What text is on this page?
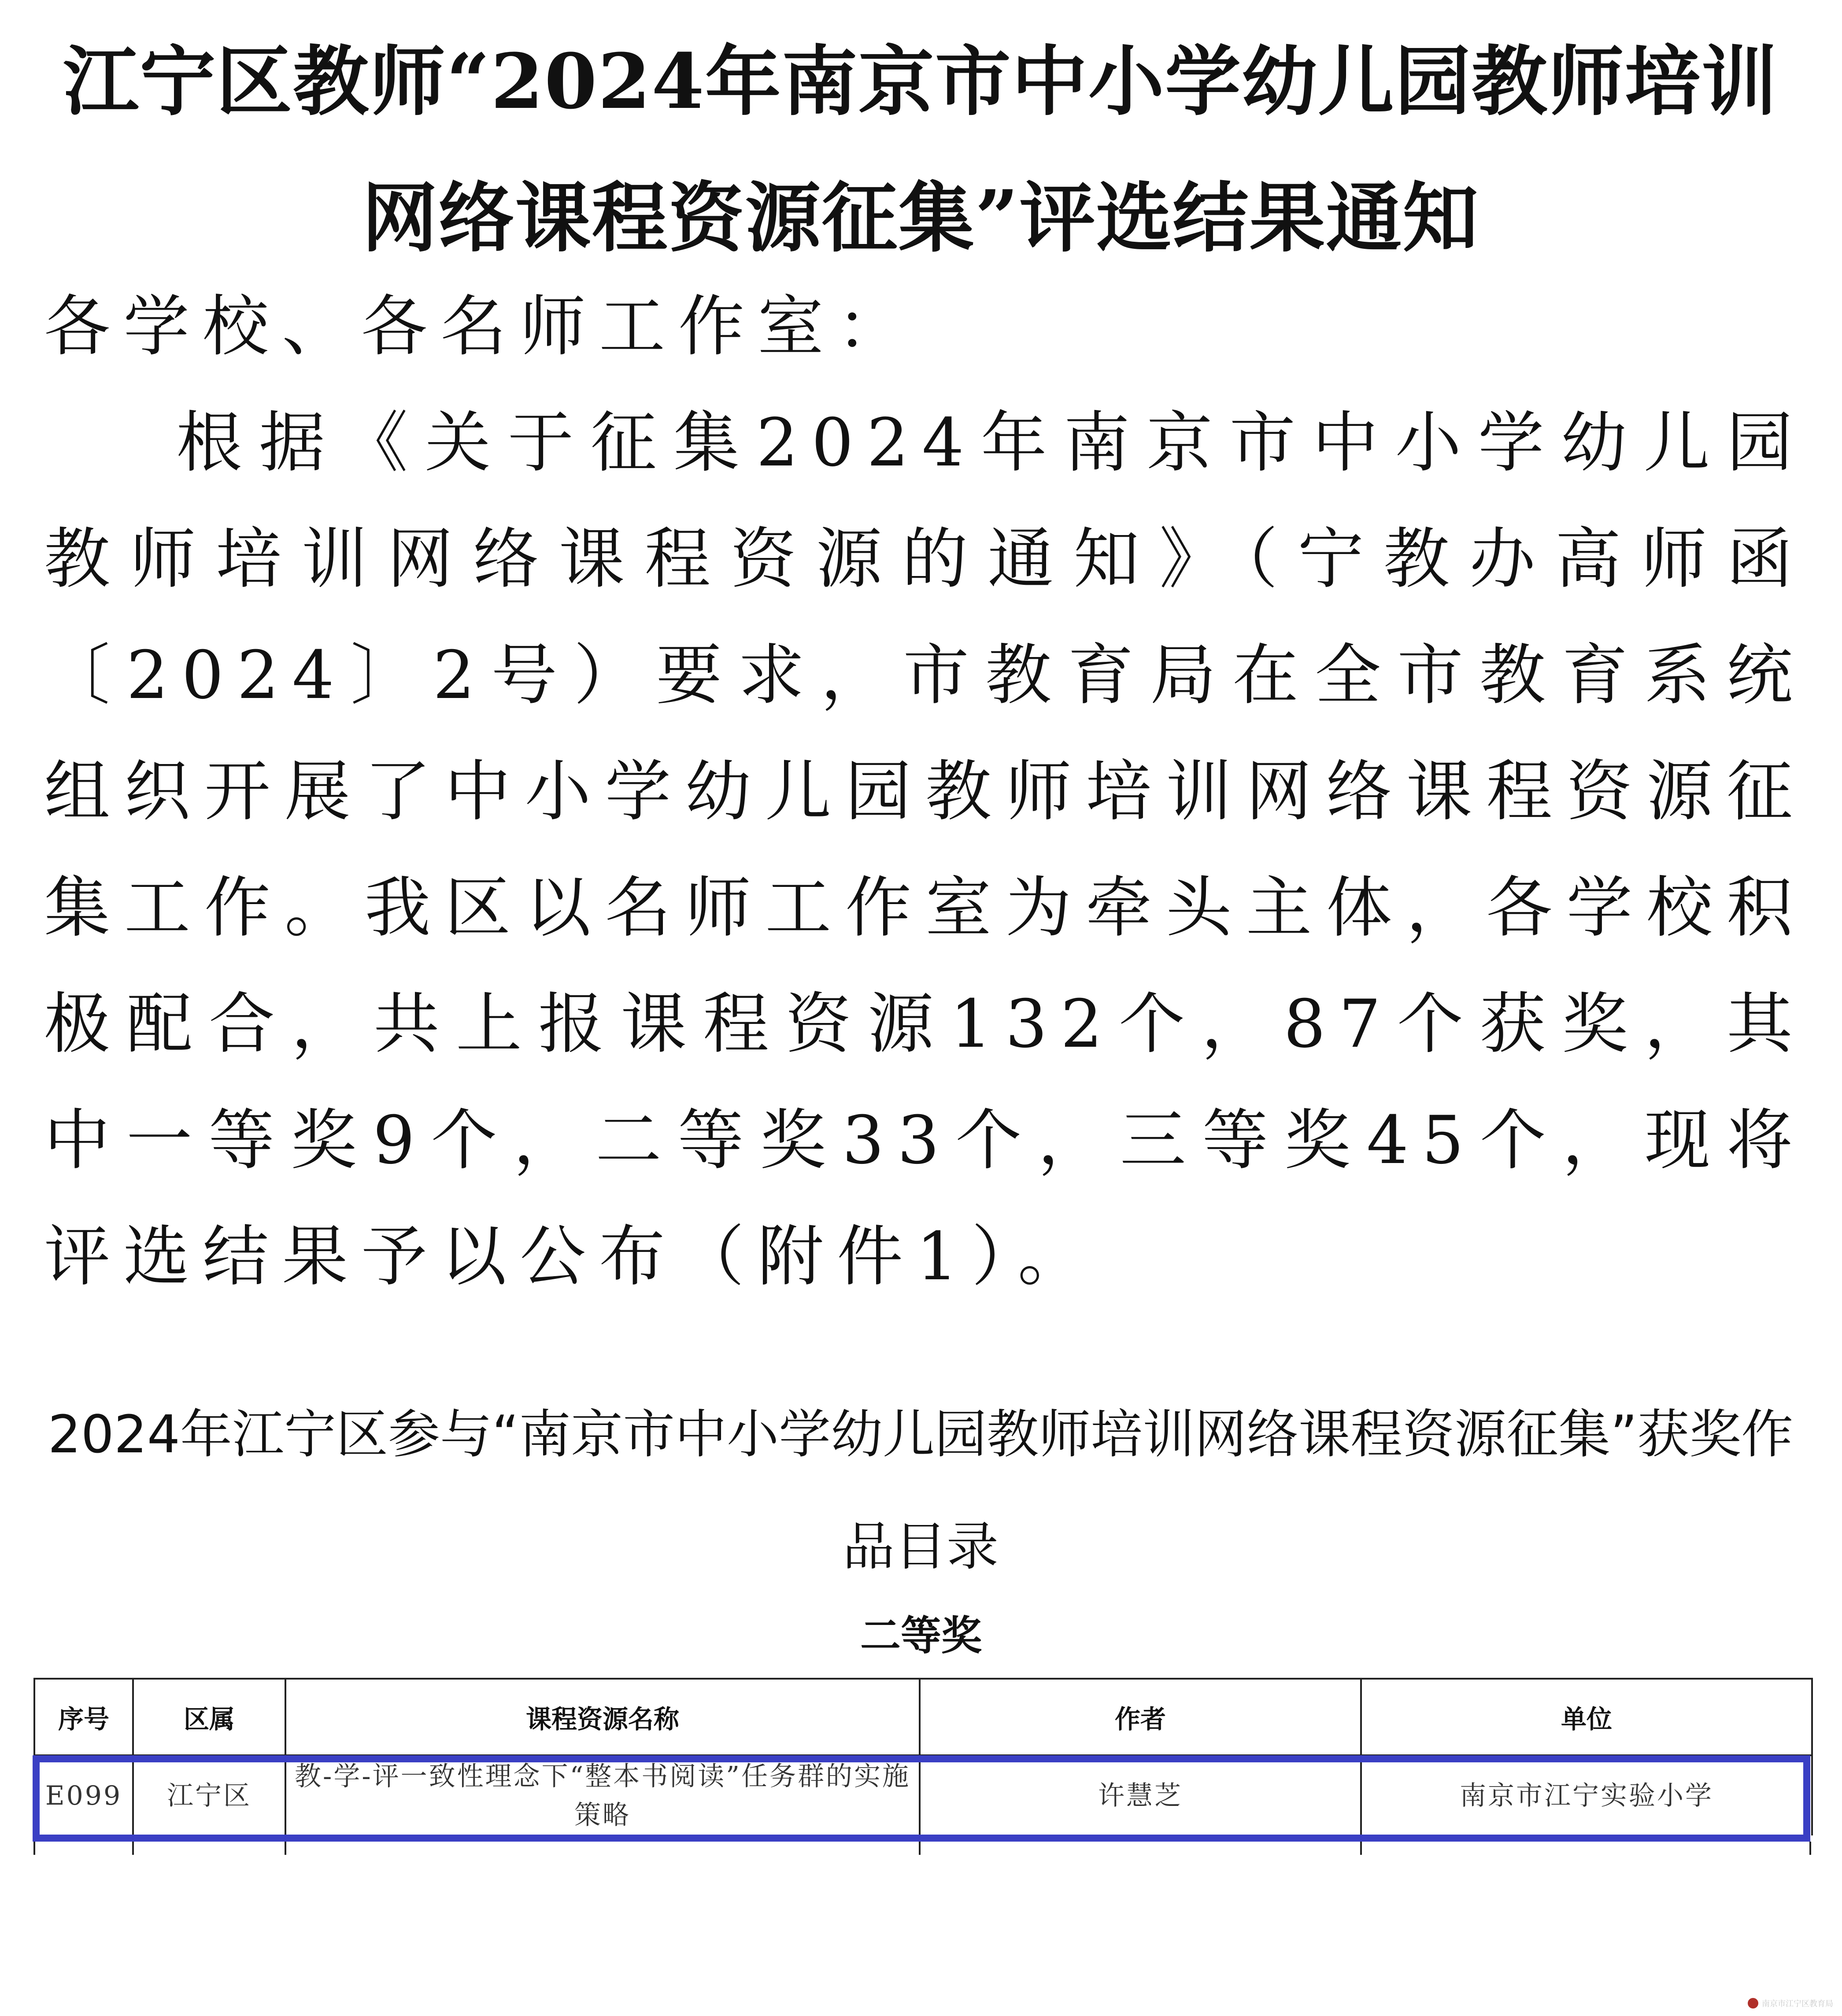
江宁区教师“2024年南京市中小学幼儿园教师培训网络课程资源征集”评选结果通知

各学校、各名师工作室：

根据《关于征集2024年南京市中小学幼儿园教师培训网络课程资源的通知》（宁教办高师函〔2024〕2号）要求，市教育局在全市教育系统组织开展了中小学幼儿园教师培训网络课程资源征集工作。我区以名师工作室为牵头主体，各学校积极配合，共上报课程资源132个，87个获奖，其中一等奖9个，二等奖33个，三等奖45个，现将评选结果予以公布（附件1）。

2024年江宁区参与“南京市中小学幼儿园教师培训网络课程资源征集”获奖作品目录
二等奖
序号	区属	课程资源名称	作者	单位
E099	江宁区	教-学-评一致性理念下“整本书阅读”任务群的实施策略	许慧芝	南京市江宁实验小学
南京市江宁区教育局
